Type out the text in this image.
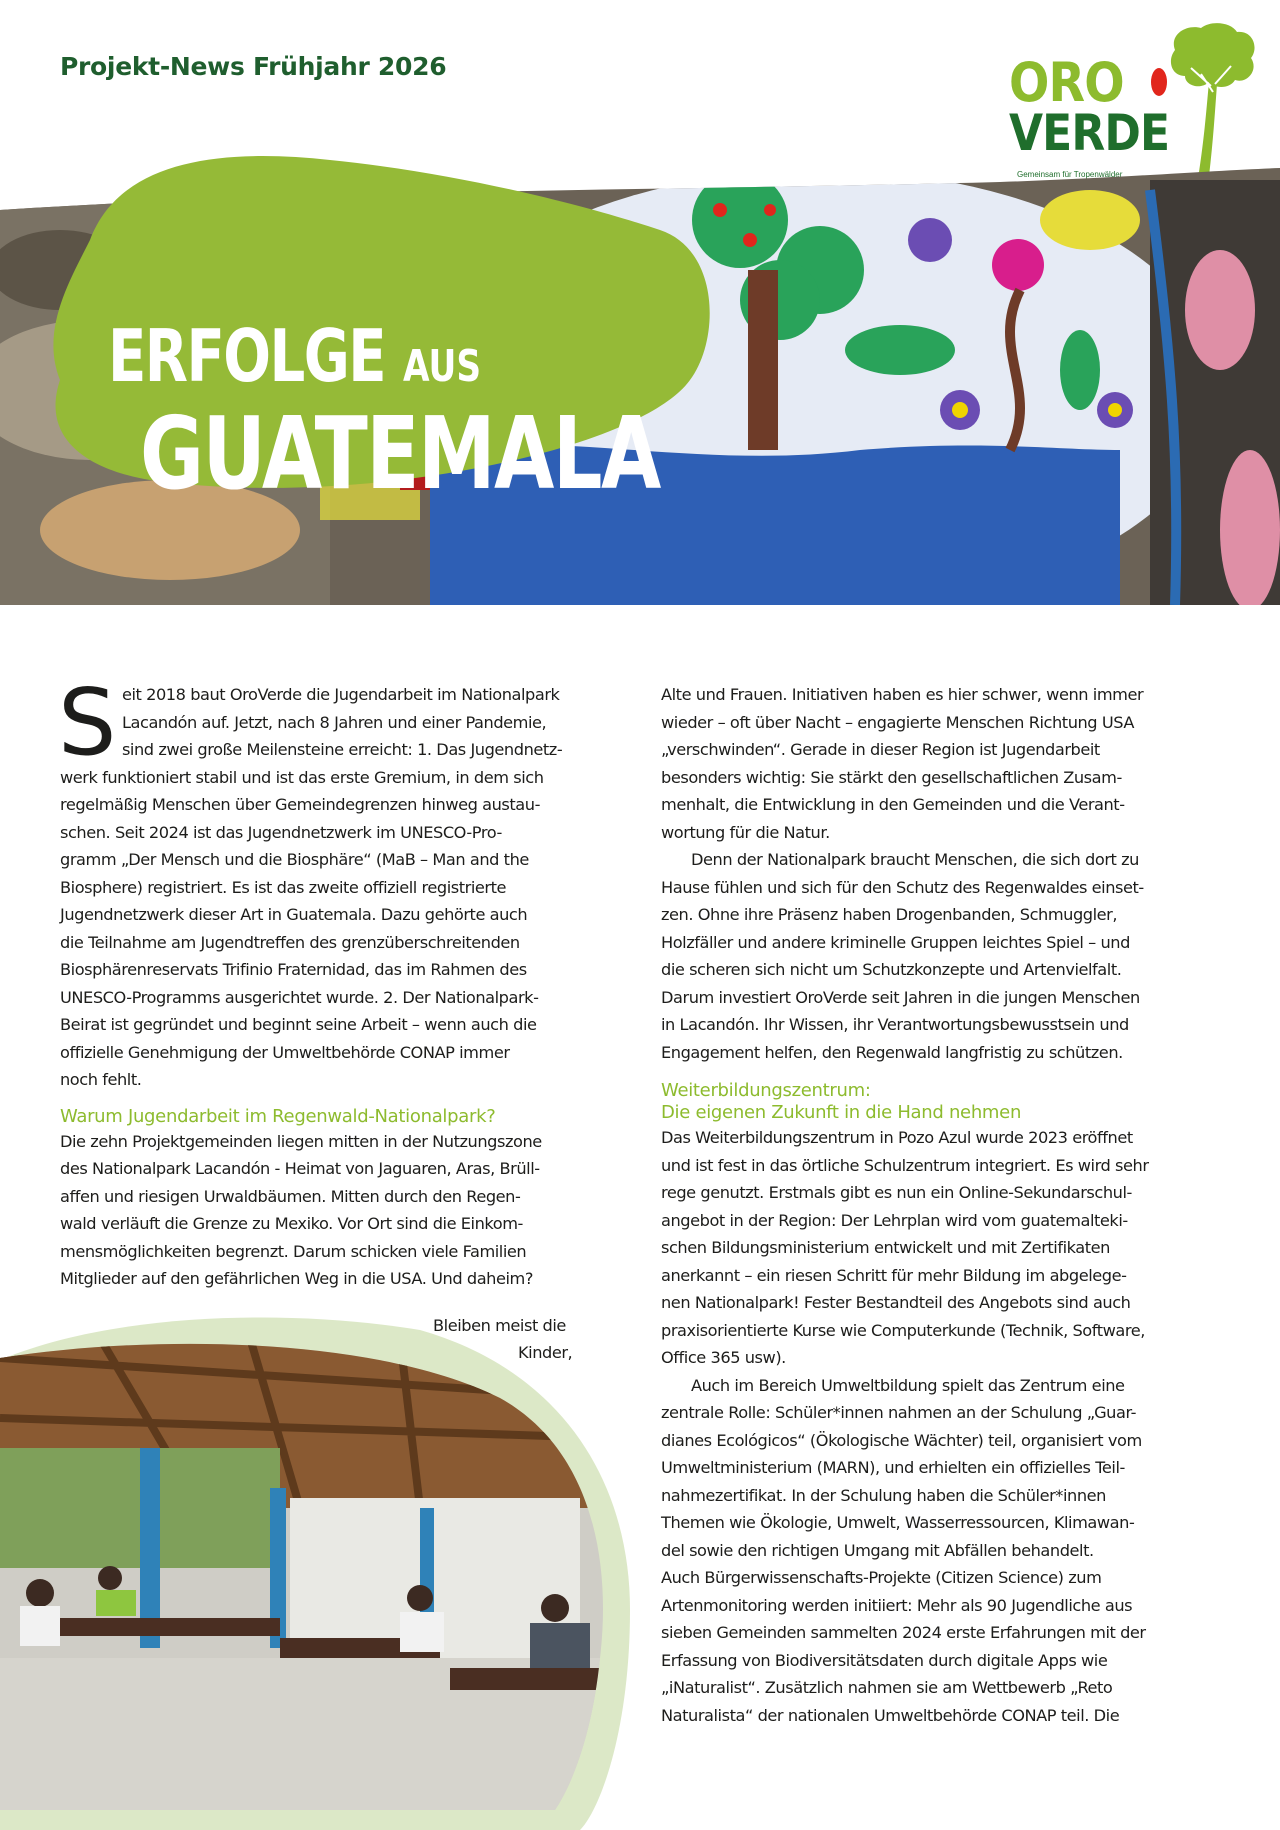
Projekt-News Frühjahr 2026	ORO
VERDE
Gemeinsam für Tropenwälder
ERFOLGE AUS
GUATEMALA
S eit 2018 baut OroVerde die Jugendarbeit im Nationalpark
Lacandón auf. Jetzt, nach 8 Jahren und einer Pandemie,
sind zwei große Meilensteine erreicht: 1. Das Jugendnetz-
werk funktioniert stabil und ist das erste Gremium, in dem sich
regelmäßig Menschen über Gemeindegrenzen hinweg austau-
schen. Seit 2024 ist das Jugendnetzwerk im UNESCO-Pro-
gramm „Der Mensch und die Biosphäre“ (MaB – Man and the
Biosphere) registriert. Es ist das zweite offiziell registrierte
Jugendnetzwerk dieser Art in Guatemala. Dazu gehörte auch
die Teilnahme am Jugendtreffen des grenzüberschreitenden
Biosphärenreservats Trifinio Fraternidad, das im Rahmen des
UNESCO-Programms ausgerichtet wurde. 2. Der Nationalpark-
Beirat ist gegründet und beginnt seine Arbeit – wenn auch die
offizielle Genehmigung der Umweltbehörde CONAP immer
noch fehlt.
Warum Jugendarbeit im Regenwald-Nationalpark?
Die zehn Projektgemeinden liegen mitten in der Nutzungszone
des Nationalpark Lacandón - Heimat von Jaguaren, Aras, Brüll-
affen und riesigen Urwaldbäumen. Mitten durch den Regen-
wald verläuft die Grenze zu Mexiko. Vor Ort sind die Einkom-
mensmöglichkeiten begrenzt. Darum schicken viele Familien
Mitglieder auf den gefährlichen Weg in die USA. Und daheim?
Bleiben meist die
Kinder,
Alte und Frauen. Initiativen haben es hier schwer, wenn immer
wieder – oft über Nacht – engagierte Menschen Richtung USA
„verschwinden“. Gerade in dieser Region ist Jugendarbeit
besonders wichtig: Sie stärkt den gesellschaftlichen Zusam-
menhalt, die Entwicklung in den Gemeinden und die Verant-
wortung für die Natur.
Denn der Nationalpark braucht Menschen, die sich dort zu
Hause fühlen und sich für den Schutz des Regenwaldes einset-
zen. Ohne ihre Präsenz haben Drogenbanden, Schmuggler,
Holzfäller und andere kriminelle Gruppen leichtes Spiel – und
die scheren sich nicht um Schutzkonzepte und Artenvielfalt.
Darum investiert OroVerde seit Jahren in die jungen Menschen
in Lacandón. Ihr Wissen, ihr Verantwortungsbewusstsein und
Engagement helfen, den Regenwald langfristig zu schützen.
Weiterbildungszentrum:
Die eigenen Zukunft in die Hand nehmen
Das Weiterbildungszentrum in Pozo Azul wurde 2023 eröffnet
und ist fest in das örtliche Schulzentrum integriert. Es wird sehr
rege genutzt. Erstmals gibt es nun ein Online-Sekundarschul-
angebot in der Region: Der Lehrplan wird vom guatemalteki-
schen Bildungsministerium entwickelt und mit Zertifikaten
anerkannt – ein riesen Schritt für mehr Bildung im abgelege-
nen Nationalpark! Fester Bestandteil des Angebots sind auch
praxisorientierte Kurse wie Computerkunde (Technik, Software,
Office 365 usw).
Auch im Bereich Umweltbildung spielt das Zentrum eine
zentrale Rolle: Schüler*innen nahmen an der Schulung „Guar-
dianes Ecológicos“ (Ökologische Wächter) teil, organisiert vom
Umweltministerium (MARN), und erhielten ein offizielles Teil-
nahmezertifikat. In der Schulung haben die Schüler*innen
Themen wie Ökologie, Umwelt, Wasserressourcen, Klimawan-
del sowie den richtigen Umgang mit Abfällen behandelt.
Auch Bürgerwissenschafts-Projekte (Citizen Science) zum
Artenmonitoring werden initiiert: Mehr als 90 Jugendliche aus
sieben Gemeinden sammelten 2024 erste Erfahrungen mit der
Erfassung von Biodiversitätsdaten durch digitale Apps wie
„iNaturalist“. Zusätzlich nahmen sie am Wettbewerb „Reto
Naturalista“ der nationalen Umweltbehörde CONAP teil. Die
